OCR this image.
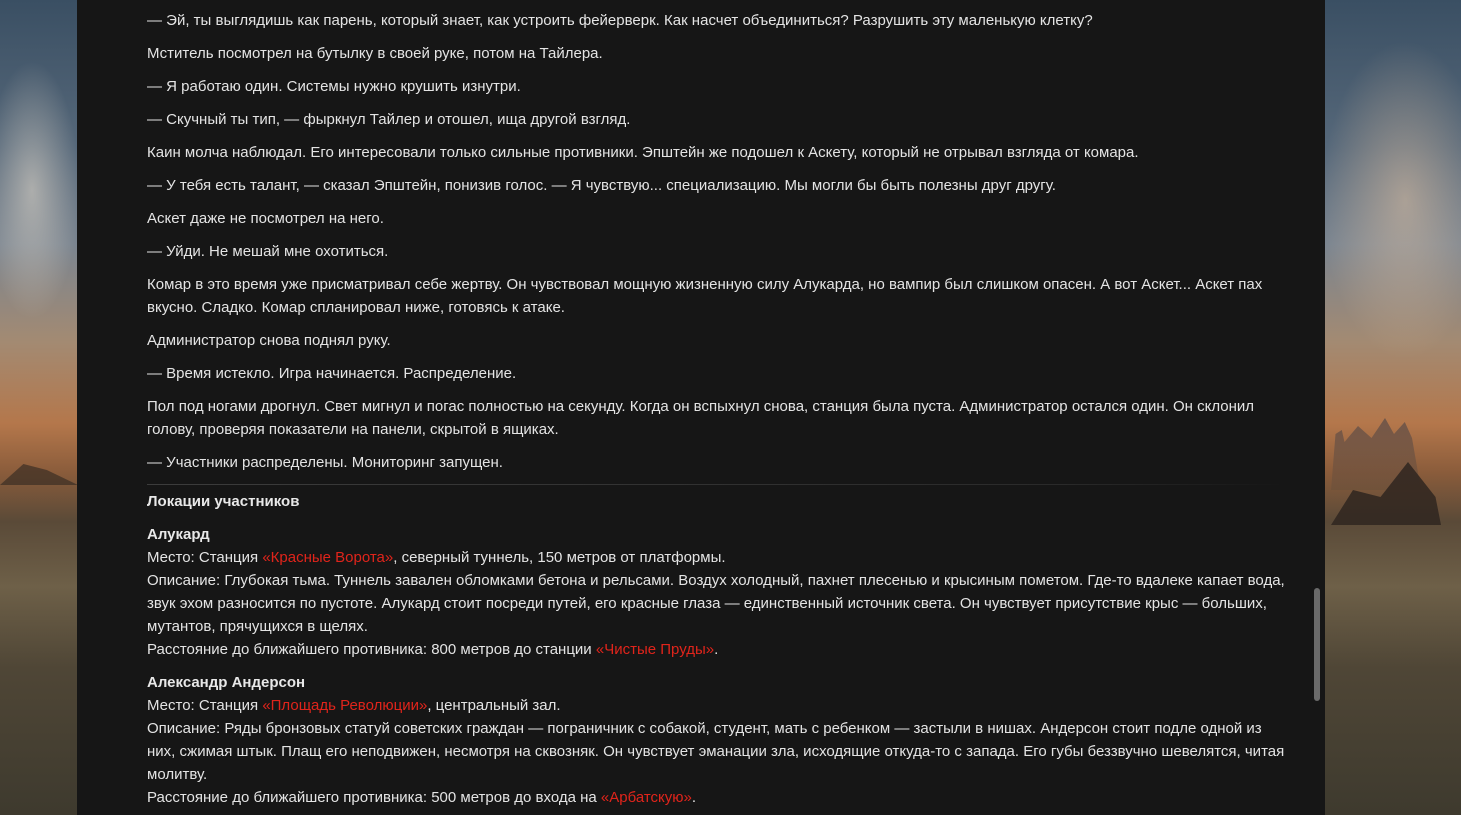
— Эй, ты выглядишь как парень, который знает, как устроить фейерверк. Как насчет объединиться? Разрушить эту маленькую клетку?

Мститель посмотрел на бутылку в своей руке, потом на Тайлера.

— Я работаю один. Системы нужно крушить изнутри.

— Скучный ты тип, — фыркнул Тайлер и отошел, ища другой взгляд.

Каин молча наблюдал. Его интересовали только сильные противники. Эпштейн же подошел к Аскету, который не отрывал взгляда от комара.

— У тебя есть талант, — сказал Эпштейн, понизив голос. — Я чувствую... специализацию. Мы могли бы быть полезны друг другу.

Аскет даже не посмотрел на него.

— Уйди. Не мешай мне охотиться.

Комар в это время уже присматривал себе жертву. Он чувствовал мощную жизненную силу Алукарда, но вампир был слишком опасен. А вот Аскет... Аскет пах вкусно. Сладко. Комар спланировал ниже, готовясь к атаке.

Администратор снова поднял руку.

— Время истекло. Игра начинается. Распределение.

Пол под ногами дрогнул. Свет мигнул и погас полностью на секунду. Когда он вспыхнул снова, станция была пуста. Администратор остался один. Он склонил голову, проверяя показатели на панели, скрытой в ящиках.

— Участники распределены. Мониторинг запущен.

Локации участников
Алукард
Место: Станция «Красные Ворота», северный туннель, 150 метров от платформы.
Описание: Глубокая тьма. Туннель завален обломками бетона и рельсами. Воздух холодный, пахнет плесенью и крысиным пометом. Где-то вдалеке капает вода, звук эхом разносится по пустоте. Алукард стоит посреди путей, его красные глаза — единственный источник света. Он чувствует присутствие крыс — больших, мутантов, прячущихся в щелях.
Расстояние до ближайшего противника: 800 метров до станции «Чистые Пруды».
Александр Андерсон
Место: Станция «Площадь Революции», центральный зал.
Описание: Ряды бронзовых статуй советских граждан — пограничник с собакой, студент, мать с ребенком — застыли в нишах. Андерсон стоит подле одной из них, сжимая штык. Плащ его неподвижен, несмотря на сквозняк. Он чувствует эманации зла, исходящие откуда-то с запада. Его губы беззвучно шевелятся, читая молитву.
Расстояние до ближайшего противника: 500 метров до входа на «Арбатскую».
